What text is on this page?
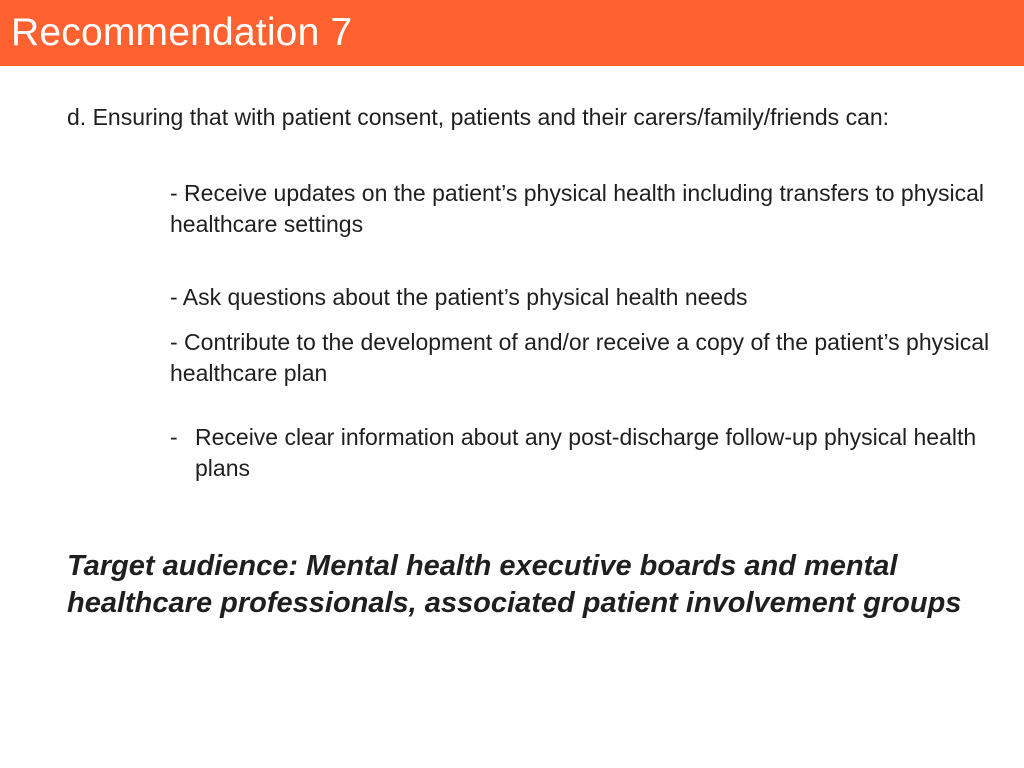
Recommendation 7
d. Ensuring that with patient consent, patients and their carers/family/friends can:
- Receive updates on the patient’s physical health including transfers to physical healthcare settings
- Ask questions about the patient’s physical health needs
- Contribute to the development of and/or receive a copy of the patient’s physical healthcare plan
- Receive clear information about any post-discharge follow-up physical health plans
Target audience: Mental health executive boards and mental healthcare professionals, associated patient involvement groups
